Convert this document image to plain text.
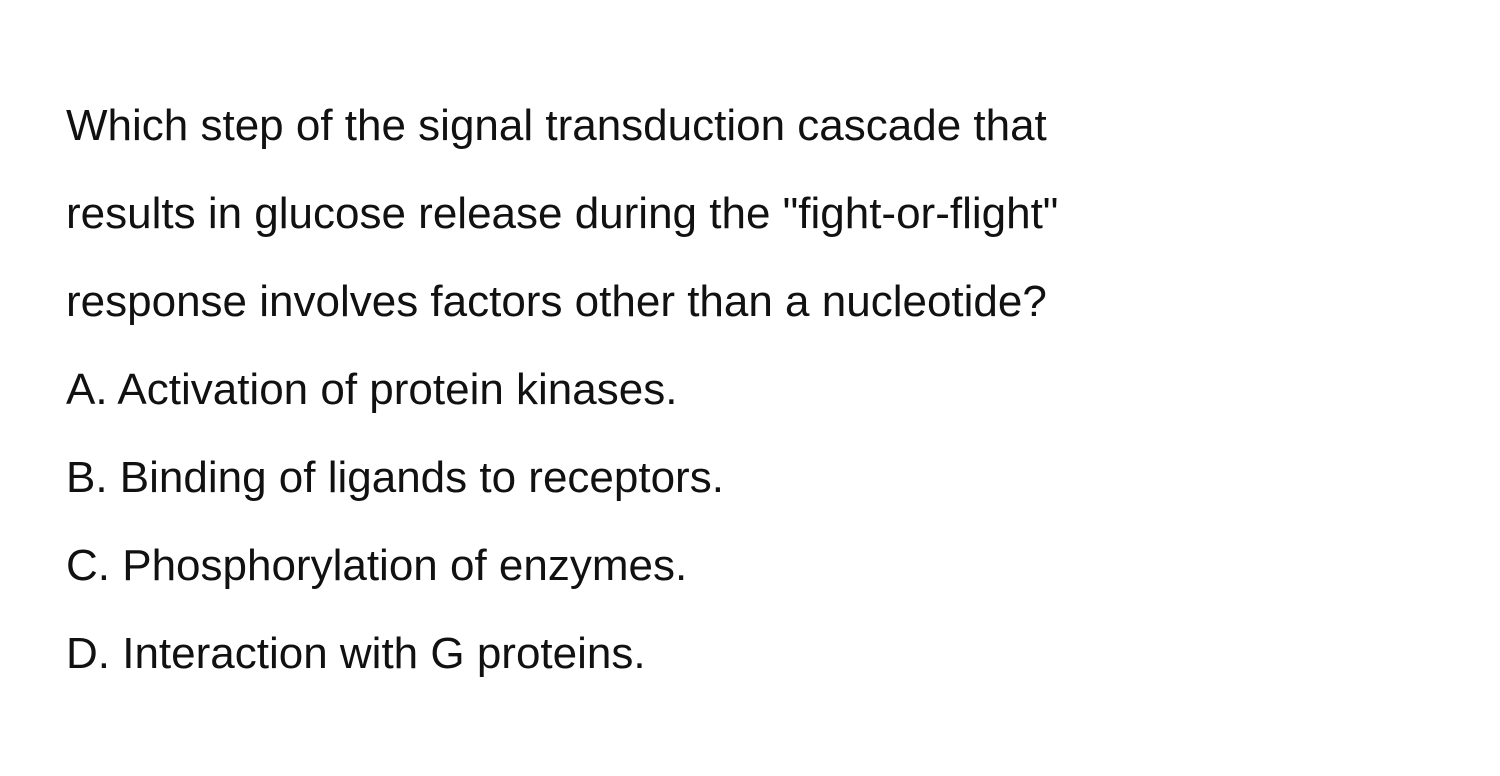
Which step of the signal transduction cascade that
results in glucose release during the "fight-or-flight"
response involves factors other than a nucleotide?
A. Activation of protein kinases.
B. Binding of ligands to receptors.
C. Phosphorylation of enzymes.
D. Interaction with G proteins.
